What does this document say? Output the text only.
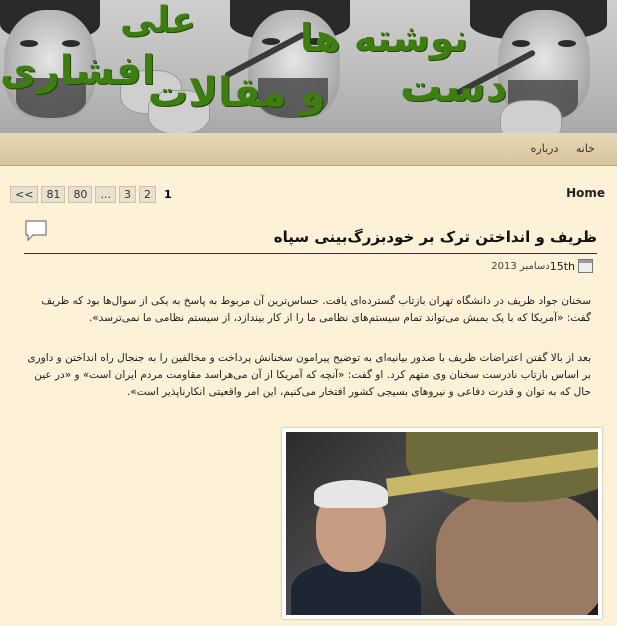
دست
نوشته ها
و مقالات
افشاری
علی
خانه درباره
<<	81	80	...	3	2	1	Home
ظریف و انداختن ترک بر خودبزرگ‌بینی سپاه
15th
دسامبر 2013
سخنان جواد ظریف در دانشگاه تهران بازتاب گسترده‌ای یافت. حساس‌ترین آن مربوط به پاسخ به یکی از سوال‌ها بود که ظریف گفت: «آمریکا که با یک بمبش می‌تواند تمام سیستم‌های نظامی ما را از کار بیندازد، از سیستم نظامی ما نمی‌ترسد».
بعد از بالا گفتن اعتراضات ظریف با صدور بیانیه‌ای به توضیح پیرامون سخنانش پرداخت و مخالفین را به جنجال راه انداختن و داوری بر اساس بازتاب نادرست سخنان وی متهم کرد. او گفت: «آنچه که آمریکا از آن می‌هراسد مقاومت مردم ایران است» و «در عین حال که به توان و قدرت دفاعی و نیروهای بسیجی کشور افتخار می‌کنیم، این امر واقعیتی انکارناپذیر است».
